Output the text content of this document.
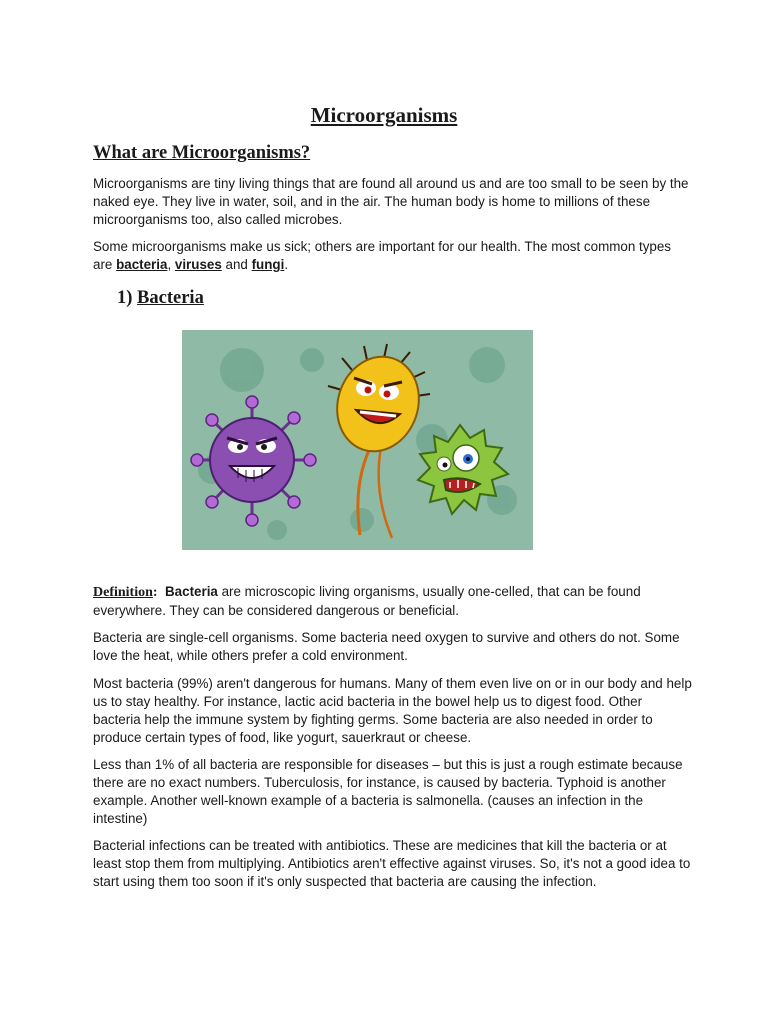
Microorganisms
What are Microorganisms?

Microorganisms are tiny living things that are found all around us and are too small to be seen by the naked eye. They live in water, soil, and in the air. The human body is home to millions of these microorganisms too, also called microbes.

Some microorganisms make us sick; others are important for our health. The most common types are bacteria, viruses and fungi.

1) Bacteria

Definition: Bacteria are microscopic living organisms, usually one-celled, that can be found everywhere. They can be considered dangerous or beneficial.

Bacteria are single-cell organisms. Some bacteria need oxygen to survive and others do not. Some love the heat, while others prefer a cold environment.

Most bacteria (99%) aren't dangerous for humans. Many of them even live on or in our body and help us to stay healthy. For instance, lactic acid bacteria in the bowel help us to digest food. Other bacteria help the immune system by fighting germs. Some bacteria are also needed in order to produce certain types of food, like yogurt, sauerkraut or cheese.

Less than 1% of all bacteria are responsible for diseases – but this is just a rough estimate because there are no exact numbers. Tuberculosis, for instance, is caused by bacteria. Typhoid is another example. Another well-known example of a bacteria is salmonella. (causes an infection in the intestine)

Bacterial infections can be treated with antibiotics. These are medicines that kill the bacteria or at least stop them from multiplying. Antibiotics aren't effective against viruses. So, it's not a good idea to start using them too soon if it's only suspected that bacteria are causing the infection.
